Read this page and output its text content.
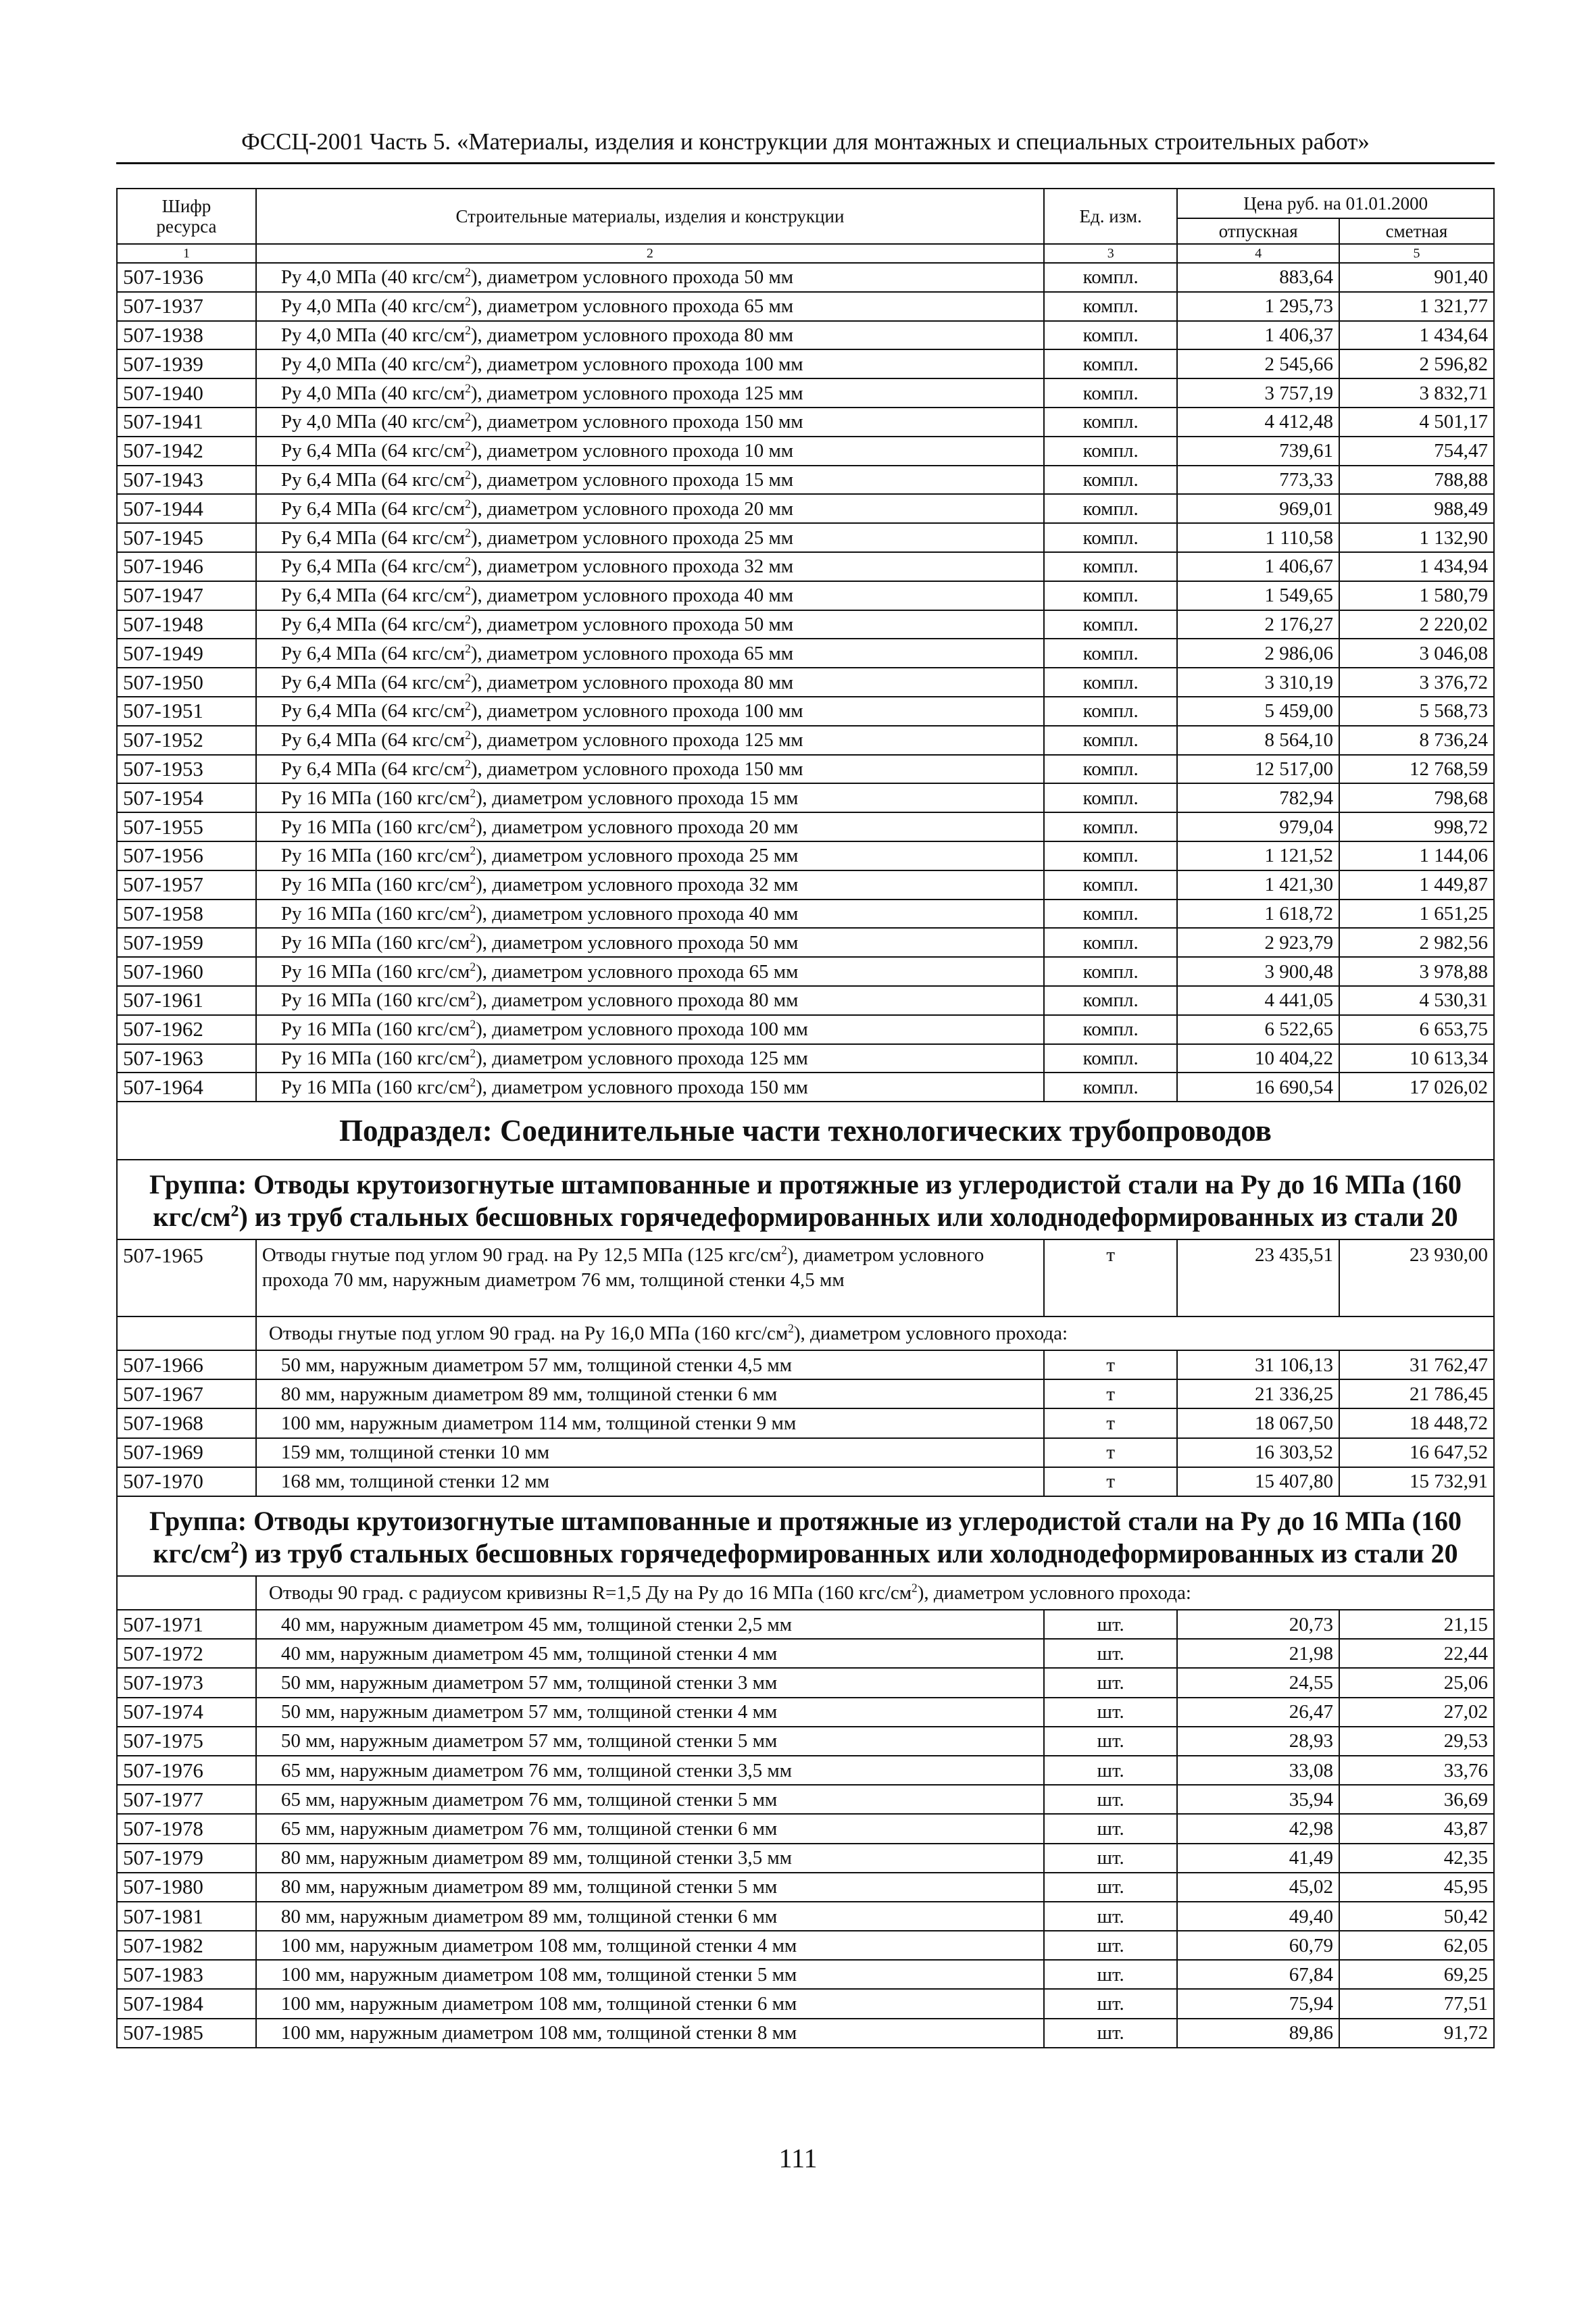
ФССЦ-2001 Часть 5. «Материалы, изделия и конструкции для монтажных и специальных строительных работ»
Шифр ресурса	Строительные материалы, изделия и конструкции	Ед. изм.	Цена руб. на 01.01.2000	
			отпускная	сметная
1	2	3	4	5
507-1936	Ру 4,0 МПа (40 кгс/$см^2$), диаметром условного прохода 50 мм	компл.	883,64	901,40
507-1937	Ру 4,0 МПа (40 кгс/$см^2$), диаметром условного прохода 65 мм	компл.	1 295,73	1 321,77
507-1938	Ру 4,0 МПа (40 кгс/$см^2$), диаметром условного прохода 80 мм	компл.	1 406,37	1 434,64
507-1939	Ру 4,0 МПа (40 кгс/$см^2$), диаметром условного прохода 100 мм	компл.	2 545,66	2 596,82
507-1940	Ру 4,0 МПа (40 кгс/$см^2$), диаметром условного прохода 125 мм	компл.	3 757,19	3 832,71
507-1941	Ру 4,0 МПа (40 кгс/$см^2$), диаметром условного прохода 150 мм	компл.	4 412,48	4 501,17
507-1942	Ру 6,4 МПа (64 кгс/$см^2$), диаметром условного прохода 10 мм	компл.	739,61	754,47
507-1943	Ру 6,4 МПа (64 кгс/$см^2$), диаметром условного прохода 15 мм	компл.	773,33	788,88
507-1944	Ру 6,4 МПа (64 кгс/$см^2$), диаметром условного прохода 20 мм	компл.	969,01	988,49
507-1945	Ру 6,4 МПа (64 кгс/$см^2$), диаметром условного прохода 25 мм	компл.	1 110,58	1 132,90
507-1946	Ру 6,4 МПа (64 кгс/$см^2$), диаметром условного прохода 32 мм	компл.	1 406,67	1 434,94
507-1947	Ру 6,4 МПа (64 кгс/$см^2$), диаметром условного прохода 40 мм	компл.	1 549,65	1 580,79
507-1948	Ру 6,4 МПа (64 кгс/$см^2$), диаметром условного прохода 50 мм	компл.	2 176,27	2 220,02
507-1949	Ру 6,4 МПа (64 кгс/$см^2$), диаметром условного прохода 65 мм	компл.	2 986,06	3 046,08
507-1950	Ру 6,4 МПа (64 кгс/$см^2$), диаметром условного прохода 80 мм	компл.	3 310,19	3 376,72
507-1951	Ру 6,4 МПа (64 кгс/$см^2$), диаметром условного прохода 100 мм	компл.	5 459,00	5 568,73
507-1952	Ру 6,4 МПа (64 кгс/$см^2$), диаметром условного прохода 125 мм	компл.	8 564,10	8 736,24
507-1953	Ру 6,4 МПа (64 кгс/$см^2$), диаметром условного прохода 150 мм	компл.	12 517,00	12 768,59
507-1954	Ру 16 МПа (160 кгс/$см^2$), диаметром условного прохода 15 мм	компл.	782,94	798,68
507-1955	Ру 16 МПа (160 кгс/$см^2$), диаметром условного прохода 20 мм	компл.	979,04	998,72
507-1956	Ру 16 МПа (160 кгс/$см^2$), диаметром условного прохода 25 мм	компл.	1 121,52	1 144,06
507-1957	Ру 16 МПа (160 кгс/$см^2$), диаметром условного прохода 32 мм	компл.	1 421,30	1 449,87
507-1958	Ру 16 МПа (160 кгс/$см^2$), диаметром условного прохода 40 мм	компл.	1 618,72	1 651,25
507-1959	Ру 16 МПа (160 кгс/$см^2$), диаметром условного прохода 50 мм	компл.	2 923,79	2 982,56
507-1960	Ру 16 МПа (160 кгс/$см^2$), диаметром условного прохода 65 мм	компл.	3 900,48	3 978,88
507-1961	Ру 16 МПа (160 кгс/$см^2$), диаметром условного прохода 80 мм	компл.	4 441,05	4 530,31
507-1962	Ру 16 МПа (160 кгс/$см^2$), диаметром условного прохода 100 мм	компл.	6 522,65	6 653,75
507-1963	Ру 16 МПа (160 кгс/$см^2$), диаметром условного прохода 125 мм	компл.	10 404,22	10 613,34
507-1964	Ру 16 МПа (160 кгс/$см^2$), диаметром условного прохода 150 мм	компл.	16 690,54	17 026,02
Подраздел: Соединительные части технологических трубопроводов				
Группа: Отводы крутоизогнутые штампованные и протяжные из углеродистой стали на Ру до 16 МПа (160 кгс/$см^2$) из труб стальных бесшовных горячедеформированных или холоднодеформированных из стали 20				
507-1965	Отводы гнутые под углом 90 град. на Ру 12,5 МПа (125 кгс/$см^2$), диаметром условного прохода 70 мм, наружным диаметром 76 мм, толщиной стенки 4,5 мм	т	23 435,51	23 930,00
	Отводы гнутые под углом 90 град. на Ру 16,0 МПа (160 кгс/$см^2$), диаметром условного прохода:			
507-1966	50 мм, наружным диаметром 57 мм, толщиной стенки 4,5 мм	т	31 106,13	31 762,47
507-1967	80 мм, наружным диаметром 89 мм, толщиной стенки 6 мм	т	21 336,25	21 786,45
507-1968	100 мм, наружным диаметром 114 мм, толщиной стенки 9 мм	т	18 067,50	18 448,72
507-1969	159 мм, толщиной стенки 10 мм	т	16 303,52	16 647,52
507-1970	168 мм, толщиной стенки 12 мм	т	15 407,80	15 732,91
Группа: Отводы крутоизогнутые штампованные и протяжные из углеродистой стали на Ру до 16 МПа (160 кгс/$см^2$) из труб стальных бесшовных горячедеформированных или холоднодеформированных из стали 20				
	Отводы 90 град. с радиусом кривизны R=1,5 Ду на Ру до 16 МПа (160 кгс/$см^2$), диаметром условного прохода:			
507-1971	40 мм, наружным диаметром 45 мм, толщиной стенки 2,5 мм	шт.	20,73	21,15
507-1972	40 мм, наружным диаметром 45 мм, толщиной стенки 4 мм	шт.	21,98	22,44
507-1973	50 мм, наружным диаметром 57 мм, толщиной стенки 3 мм	шт.	24,55	25,06
507-1974	50 мм, наружным диаметром 57 мм, толщиной стенки 4 мм	шт.	26,47	27,02
507-1975	50 мм, наружным диаметром 57 мм, толщиной стенки 5 мм	шт.	28,93	29,53
507-1976	65 мм, наружным диаметром 76 мм, толщиной стенки 3,5 мм	шт.	33,08	33,76
507-1977	65 мм, наружным диаметром 76 мм, толщиной стенки 5 мм	шт.	35,94	36,69
507-1978	65 мм, наружным диаметром 76 мм, толщиной стенки 6 мм	шт.	42,98	43,87
507-1979	80 мм, наружным диаметром 89 мм, толщиной стенки 3,5 мм	шт.	41,49	42,35
507-1980	80 мм, наружным диаметром 89 мм, толщиной стенки 5 мм	шт.	45,02	45,95
507-1981	80 мм, наружным диаметром 89 мм, толщиной стенки 6 мм	шт.	49,40	50,42
507-1982	100 мм, наружным диаметром 108 мм, толщиной стенки 4 мм	шт.	60,79	62,05
507-1983	100 мм, наружным диаметром 108 мм, толщиной стенки 5 мм	шт.	67,84	69,25
507-1984	100 мм, наружным диаметром 108 мм, толщиной стенки 6 мм	шт.	75,94	77,51
507-1985	100 мм, наружным диаметром 108 мм, толщиной стенки 8 мм	шт.	89,86	91,72
111
